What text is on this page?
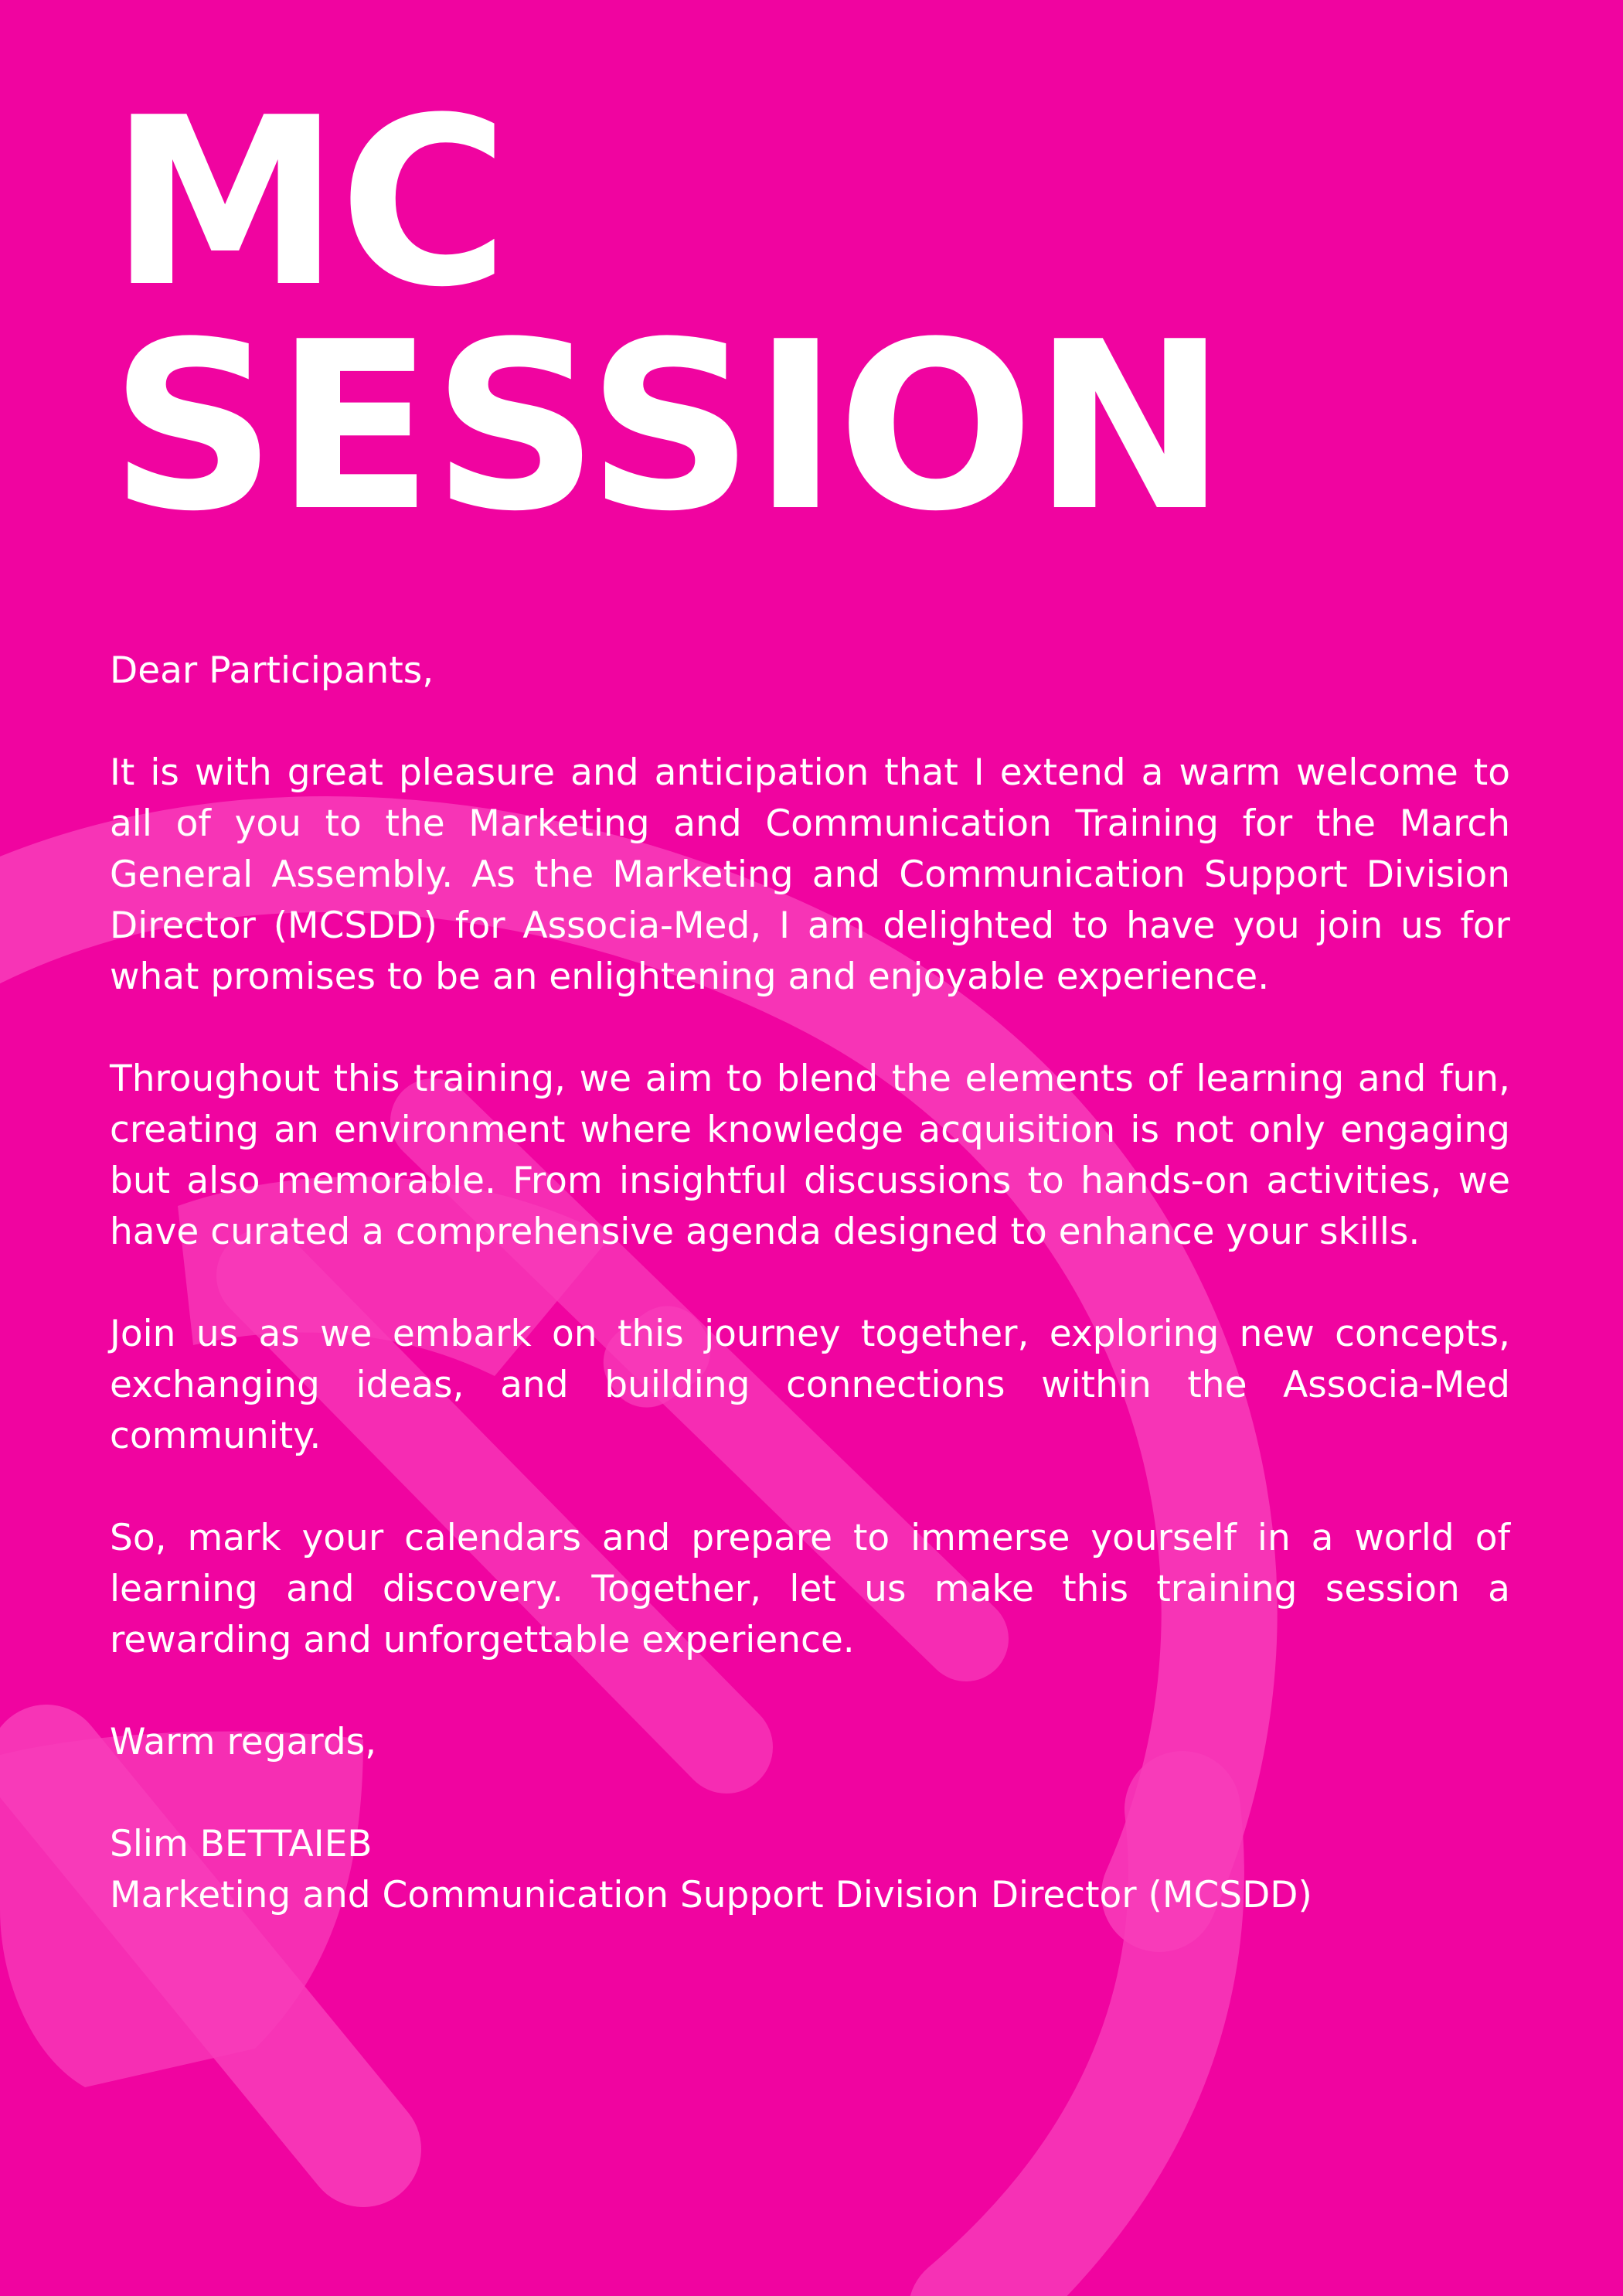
MC
SESSION

Dear Participants,

It is with great pleasure and anticipation that I extend a warm welcome to all of you to the Marketing and Communication Training for the March General Assembly. As the Marketing and Communication Support Division Director (MCSDD) for Associa-Med, I am delighted to have you join us for what promises to be an enlightening and enjoyable experience.

Throughout this training, we aim to blend the elements of learning and fun, creating an environment where knowledge acquisition is not only engaging but also memorable. From insightful discussions to hands-on activities, we have curated a comprehensive agenda designed to enhance your skills.

Join us as we embark on this journey together, exploring new concepts, exchanging ideas, and building connections within the Associa-Med community.

So, mark your calendars and prepare to immerse yourself in a world of learning and discovery. Together, let us make this training session a rewarding and unforgettable experience.

Warm regards,

Slim BETTAIEB

Marketing and Communication Support Division Director (MCSDD)
